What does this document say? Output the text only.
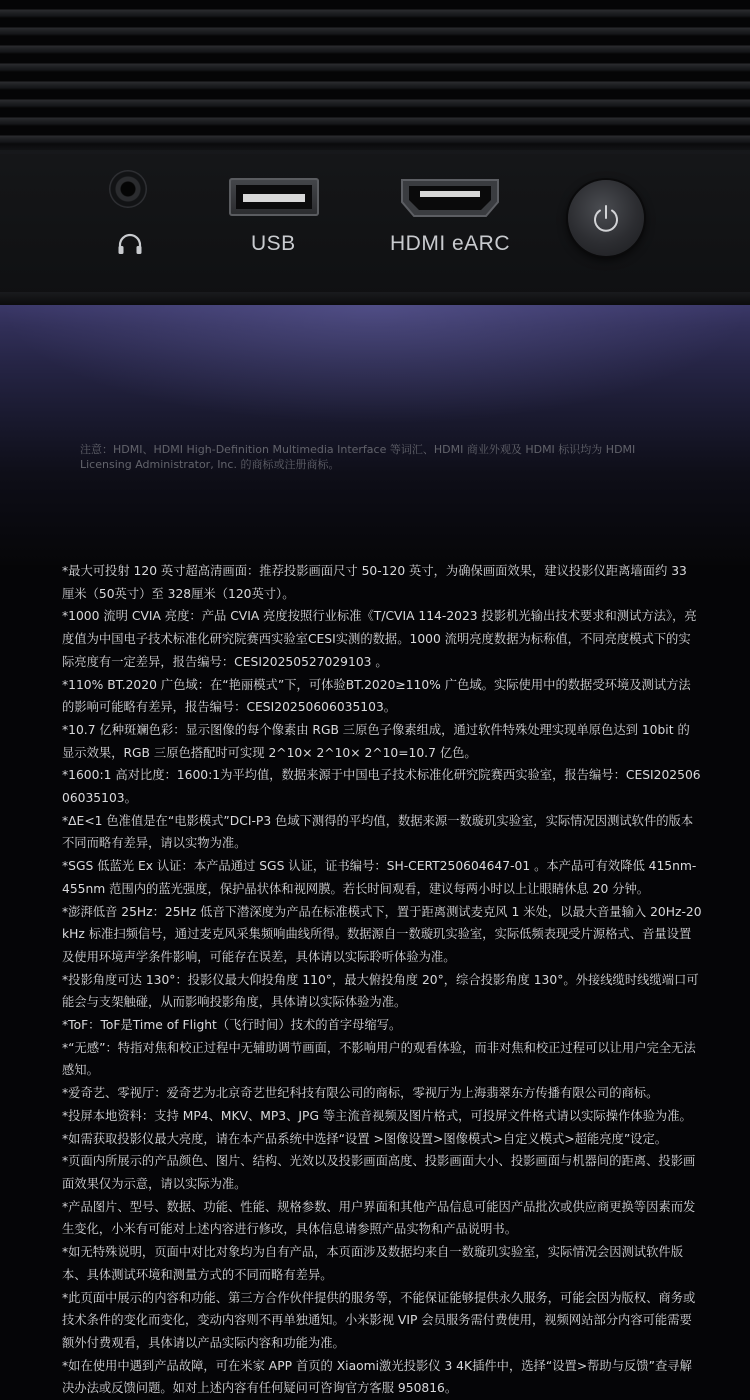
USB	HDMI eARC
注意：HDMI、HDMI High-Definition Multimedia Interface 等词汇、HDMI 商业外观及 HDMI 标识均为 HDMI Licensing Administrator, Inc. 的商标或注册商标。

*最大可投射 120 英寸超高清画面：推荐投影画面尺寸 50-120 英寸，为确保画面效果，建议投影仪距离墙面约 33 厘米（50英寸）至 328厘米（120英寸）。

*1000 流明 CVIA 亮度：产品 CVIA 亮度按照行业标准《T/CVIA 114-2023 投影机光输出技术要求和测试方法》，亮度值为中国电子技术标准化研究院赛西实验室CESI实测的数据。1000 流明亮度数据为标称值，不同亮度模式下的实际亮度有一定差异，报告编号：CESI20250527029103 。

*110% BT.2020 广色域：在“艳丽模式”下，可体验BT.2020≥110% 广色域。实际使用中的数据受环境及测试方法的影响可能略有差异，报告编号：CESI20250606035103。

*10.7 亿种斑斓色彩：显示图像的每个像素由 RGB 三原色子像素组成，通过软件特殊处理实现单原色达到 10bit 的显示效果，RGB 三原色搭配时可实现 2^10× 2^10× 2^10=10.7 亿色。

*1600:1 高对比度：1600:1为平均值，数据来源于中国电子技术标准化研究院赛西实验室，报告编号：CESI20250606035103。

*ΔE<1 色准值是在“电影模式”DCI-P3 色域下测得的平均值，数据来源一数璇玑实验室，实际情况因测试软件的版本不同而略有差异，请以实物为准。

*SGS 低蓝光 Ex 认证：本产品通过 SGS 认证，证书编号：SH-CERT250604647-01 。本产品可有效降低 415nm-455nm 范围内的蓝光强度，保护晶状体和视网膜。若长时间观看，建议每两小时以上让眼睛休息 20 分钟。

*澎湃低音 25Hz：25Hz 低音下潜深度为产品在标准模式下，置于距离测试麦克风 1 米处，以最大音量输入 20Hz-20kHz 标准扫频信号，通过麦克风采集频响曲线所得。数据源自一数璇玑实验室，实际低频表现受片源格式、音量设置及使用环境声学条件影响，可能存在误差，具体请以实际聆听体验为准。

*投影角度可达 130°：投影仪最大仰投角度 110°，最大俯投角度 20°，综合投影角度 130°。外接线缆时线缆端口可能会与支架触碰，从而影响投影角度，具体请以实际体验为准。

*ToF：ToF是Time of Flight（飞行时间）技术的首字母缩写。

*“无感”：特指对焦和校正过程中无辅助调节画面，不影响用户的观看体验，而非对焦和校正过程可以让用户完全无法感知。

*爱奇艺、零视厅：爱奇艺为北京奇艺世纪科技有限公司的商标，零视厅为上海翡翠东方传播有限公司的商标。

*投屏本地资料：支持 MP4、MKV、MP3、JPG 等主流音视频及图片格式，可投屏文件格式请以实际操作体验为准。

*如需获取投影仪最大亮度，请在本产品系统中选择“设置 >图像设置>图像模式>自定义模式>超能亮度”设定。

*页面内所展示的产品颜色、图片、结构、光效以及投影画面高度、投影画面大小、投影画面与机器间的距离、投影画面效果仅为示意，请以实际为准。

*产品图片、型号、数据、功能、性能、规格参数、用户界面和其他产品信息可能因产品批次或供应商更换等因素而发生变化，小米有可能对上述内容进行修改，具体信息请参照产品实物和产品说明书。

*如无特殊说明，页面中对比对象均为自有产品，本页面涉及数据均来自一数璇玑实验室，实际情况会因测试软件版本、具体测试环境和测量方式的不同而略有差异。

*此页面中展示的内容和功能、第三方合作伙伴提供的服务等，不能保证能够提供永久服务，可能会因为版权、商务或技术条件的变化而变化，变动内容则不再单独通知。小米影视 VIP 会员服务需付费使用，视频网站部分内容可能需要额外付费观看，具体请以产品实际内容和功能为准。

*如在使用中遇到产品故障，可在米家 APP 首页的 Xiaomi激光投影仪 3 4K插件中，选择“设置>帮助与反馈”查寻解决办法或反馈问题。如对上述内容有任何疑问可咨询官方客服 950816。
